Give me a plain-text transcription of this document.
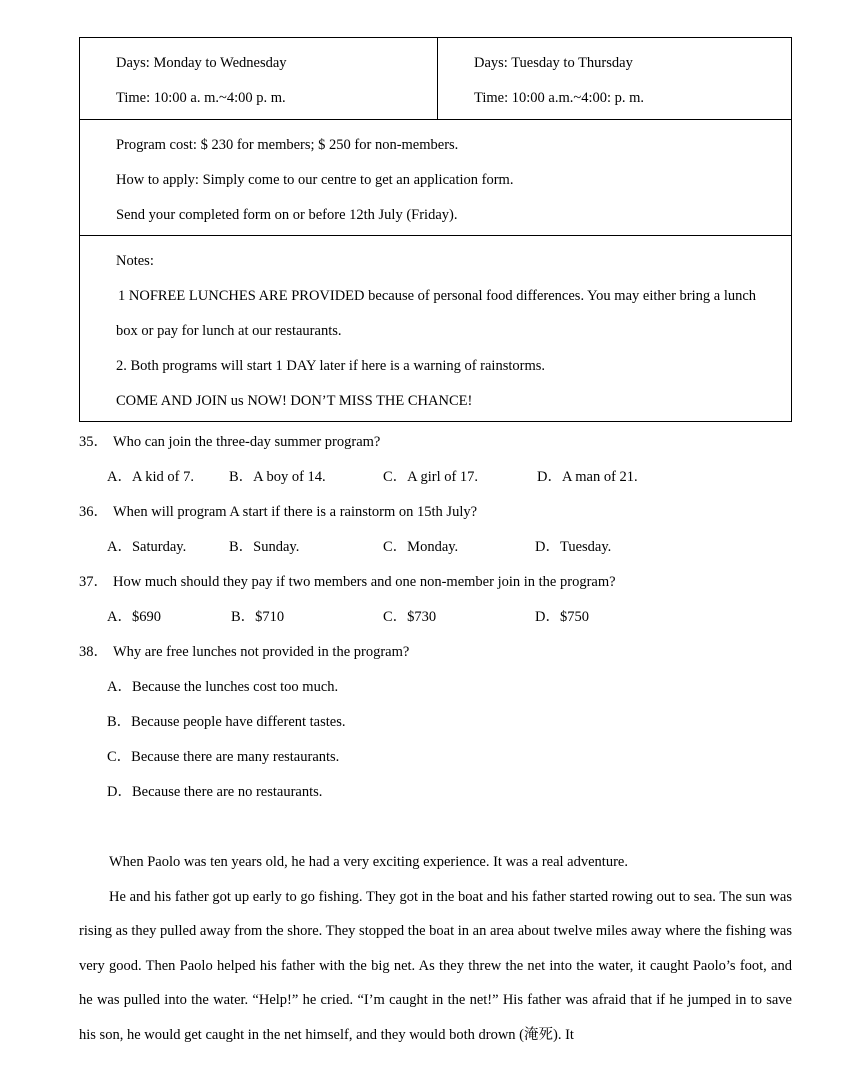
Days: Monday to Wednesday
Time: 10:00 a. m.~4:00 p. m.

Days: Tuesday to Thursday
Time: 10:00 a.m.~4:00: p. m.

Program cost: $ 230 for members; $ 250 for non-members.
How to apply: Simply come to our centre to get an application form.
Send your completed form on or before 12th July (Friday).

Notes:
1 NOFREE LUNCHES ARE PROVIDED because of personal food differences. You may either bring a lunch
box or pay for lunch at our restaurants.
2. Both programs will start 1 DAY later if here is a warning of rainstorms.
COME AND JOIN us NOW! DON’T MISS THE CHANCE!
35． Who can join the three-day summer program?
A．A kid of 7. B．A boy of 14.	C．A girl of 17.	D．A man of 21.
36． When will program A start if there is a rainstorm on 15th July?
A．Saturday.	B．Sunday.	C．Monday.	D．Tuesday.
37． How much should they pay if two members and one non-member join in the program?
A．$690	B．$710	C．$730	D．$750
38． Why are free lunches not provided in the program?
A．Because the lunches cost too much.
B．Because people have different tastes.
C．Because there are many restaurants.
D．Because there are no restaurants.

When Paolo was ten years old, he had a very exciting experience. It was a real adventure.

He and his father got up early to go fishing. They got in the boat and his father started rowing out to sea. The sun was rising as they pulled away from the shore. They stopped the boat in an area about twelve miles away where the fishing was very good. Then Paolo helped his father with the big net. As they threw the net into the water, it caught Paolo’s foot, and he was pulled into the water. “Help!” he cried. “I’m caught in the net!” His father was afraid that if he jumped in to save his son, he would get caught in the net himself, and they would both drown (淹死). It
